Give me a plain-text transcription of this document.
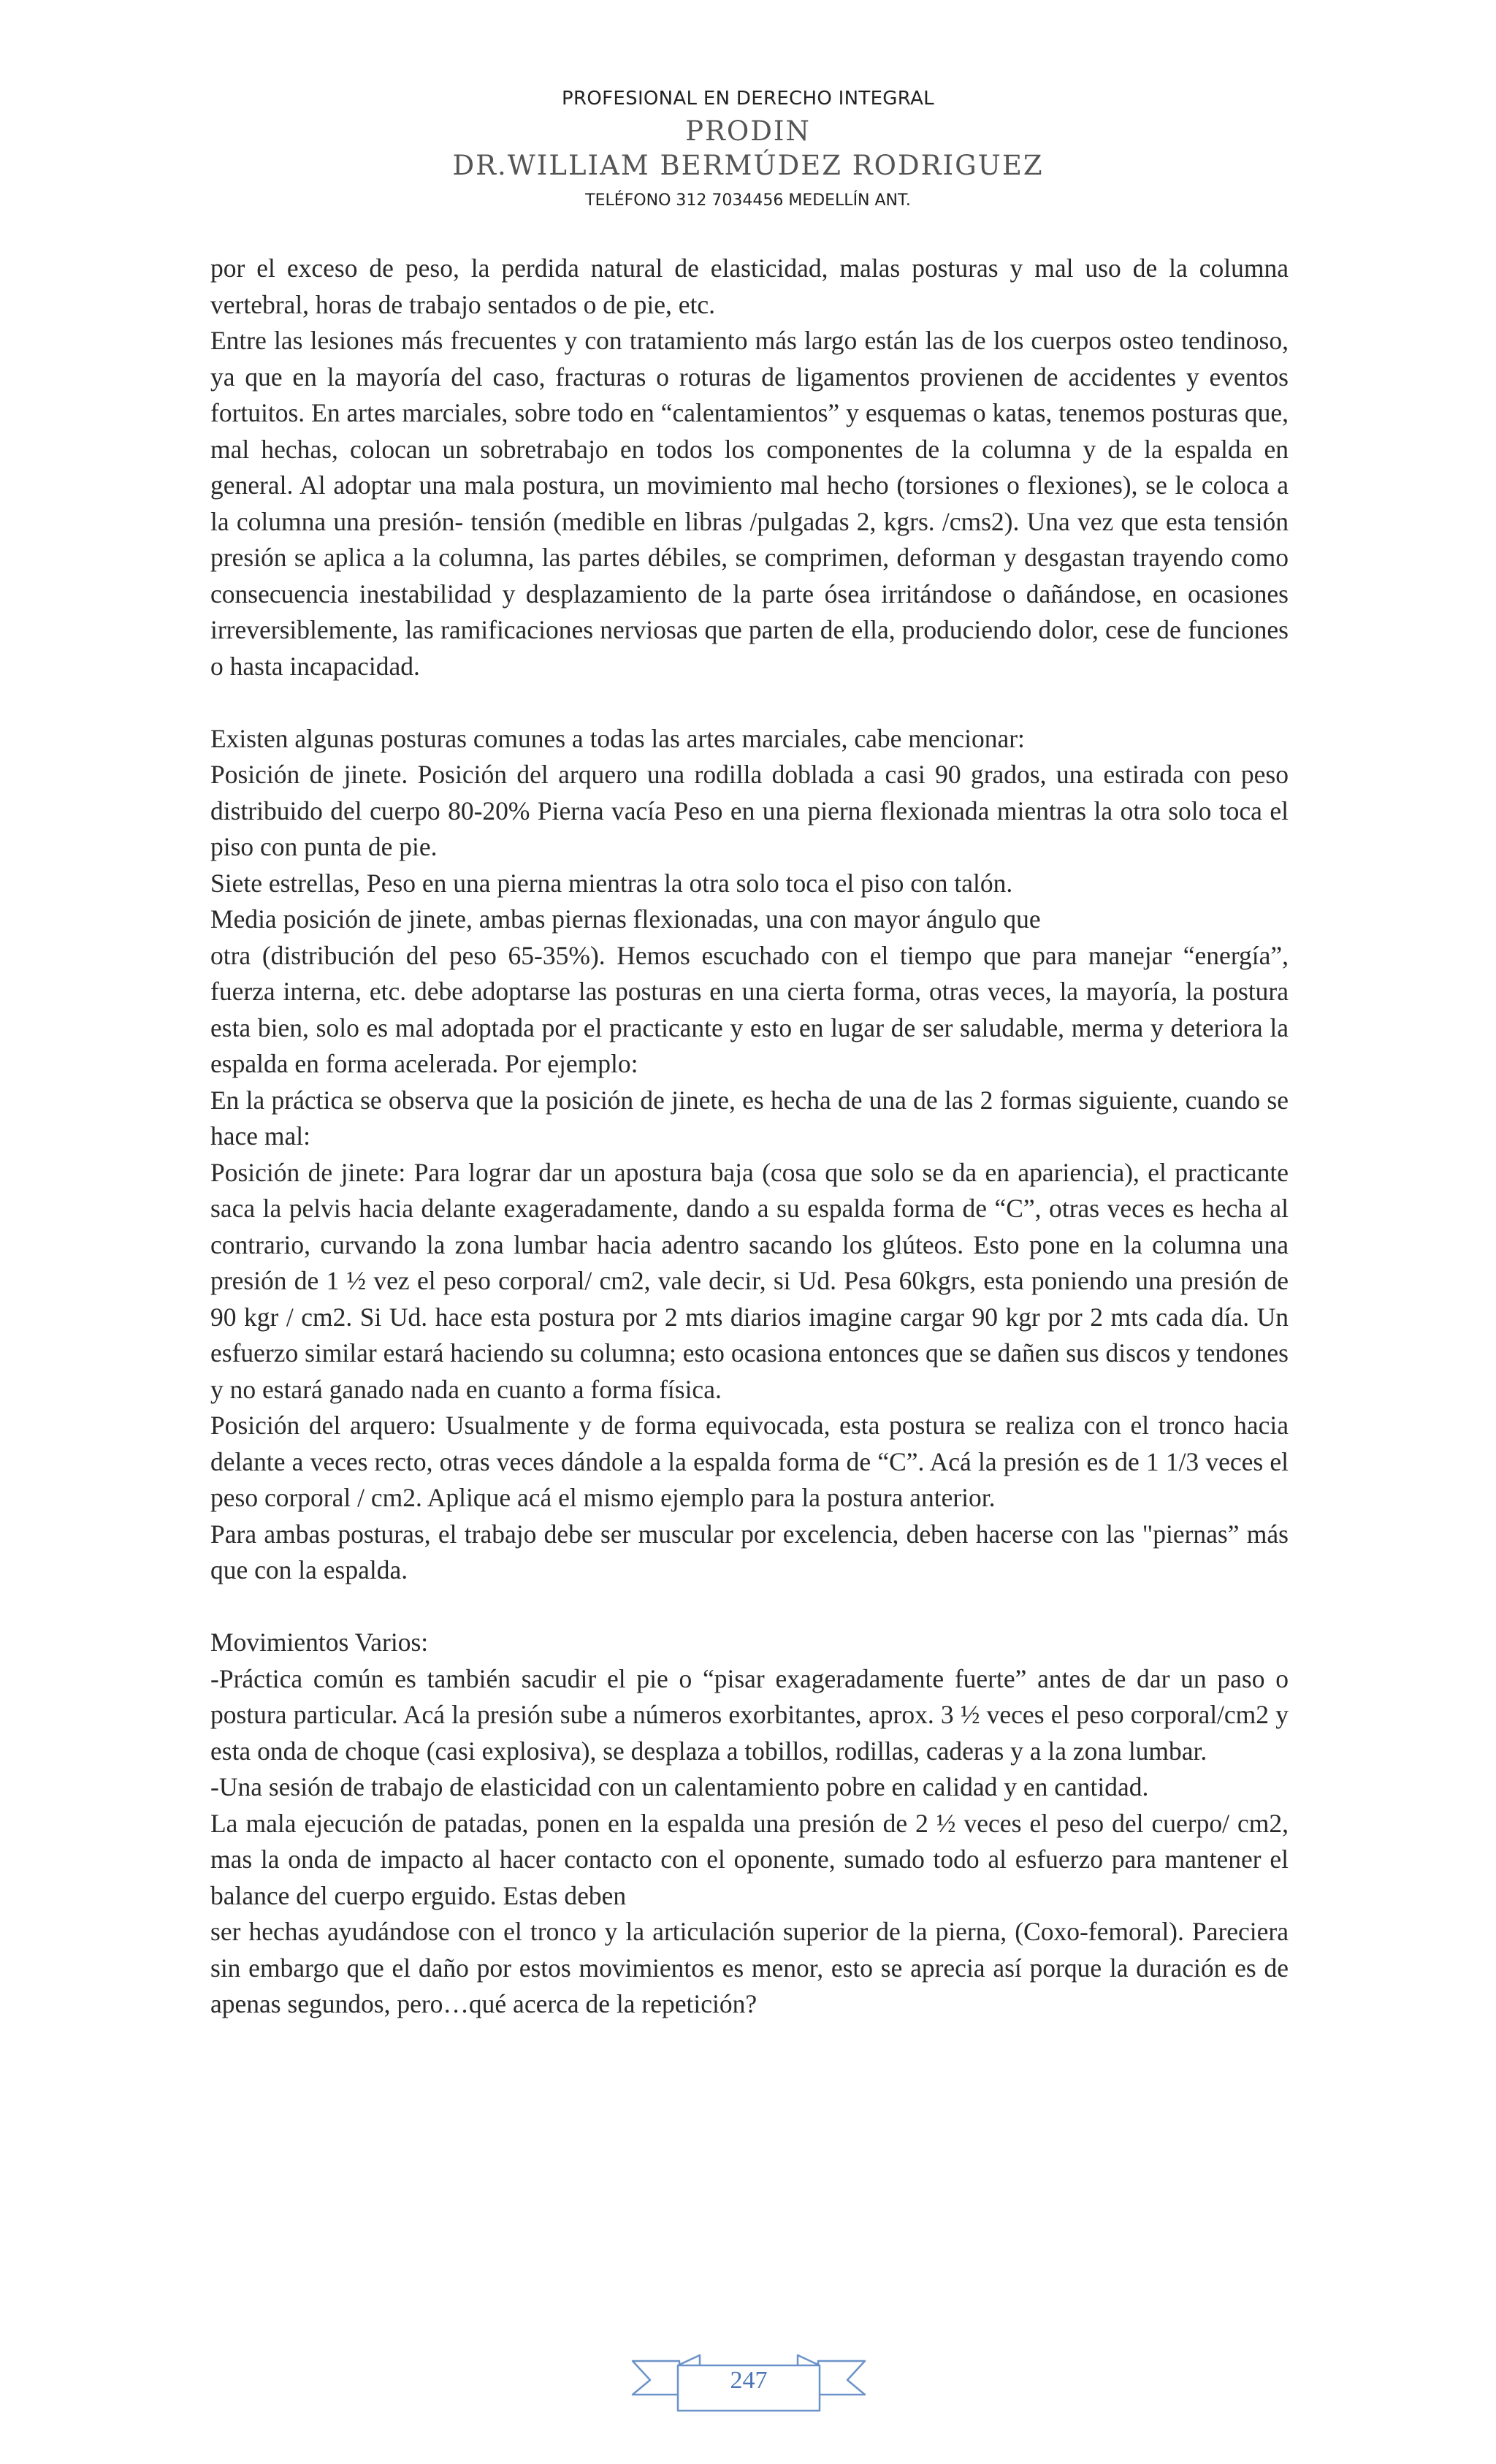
PROFESIONAL EN DERECHO INTEGRAL
PRODIN
DR.WILLIAM BERMÚDEZ RODRIGUEZ
TELÉFONO 312 7034456 MEDELLÍN ANT.

por el exceso de peso, la perdida natural de elasticidad, malas posturas y mal uso de la columna vertebral, horas de trabajo sentados o de pie, etc.

Entre las lesiones más frecuentes y con tratamiento más largo están las de los cuerpos osteo tendinoso, ya que en la mayoría del caso, fracturas o roturas de ligamentos provienen de accidentes y eventos fortuitos. En artes marciales, sobre todo en “calentamientos” y esquemas o katas, tenemos posturas que, mal hechas, colocan un sobretrabajo en todos los componentes de la columna y de la espalda en general. Al adoptar una mala postura, un movimiento mal hecho (torsiones o flexiones), se le coloca a la columna una presión- tensión (medible en libras /pulgadas 2, kgrs. /cms2). Una vez que esta tensión presión se aplica a la columna, las partes débiles, se comprimen, deforman y desgastan trayendo como consecuencia inestabilidad y desplazamiento de la parte ósea irritándose o dañándose, en ocasiones irreversiblemente, las ramificaciones nerviosas que parten de ella, produciendo dolor, cese de funciones o hasta incapacidad.

Existen algunas posturas comunes a todas las artes marciales, cabe mencionar:

Posición de jinete. Posición del arquero una rodilla doblada a casi 90 grados, una estirada con peso distribuido del cuerpo 80-20% Pierna vacía Peso en una pierna flexionada mientras la otra solo toca el piso con punta de pie.

Siete estrellas, Peso en una pierna mientras la otra solo toca el piso con talón.

Media posición de jinete, ambas piernas flexionadas, una con mayor ángulo que

otra (distribución del peso 65-35%). Hemos escuchado con el tiempo que para manejar “energía”, fuerza interna, etc. debe adoptarse las posturas en una cierta forma, otras veces, la mayoría, la postura esta bien, solo es mal adoptada por el practicante y esto en lugar de ser saludable, merma y deteriora la espalda en forma acelerada. Por ejemplo:

En la práctica se observa que la posición de jinete, es hecha de una de las 2 formas siguiente, cuando se hace mal:

Posición de jinete: Para lograr dar un apostura baja (cosa que solo se da en apariencia), el practicante saca la pelvis hacia delante exageradamente, dando a su espalda forma de “C”, otras veces es hecha al contrario, curvando la zona lumbar hacia adentro sacando los glúteos. Esto pone en la columna una presión de 1 ½ vez el peso corporal/ cm2, vale decir, si Ud. Pesa 60kgrs, esta poniendo una presión de 90 kgr / cm2. Si Ud. hace esta postura por 2 mts diarios imagine cargar 90 kgr por 2 mts cada día. Un esfuerzo similar estará haciendo su columna; esto ocasiona entonces que se dañen sus discos y tendones y no estará ganado nada en cuanto a forma física.

Posición del arquero: Usualmente y de forma equivocada, esta postura se realiza con el tronco hacia delante a veces recto, otras veces dándole a la espalda forma de “C”. Acá la presión es de 1 1/3 veces el peso corporal / cm2. Aplique acá el mismo ejemplo para la postura anterior.

Para ambas posturas, el trabajo debe ser muscular por excelencia, deben hacerse con las "piernas” más que con la espalda.

Movimientos Varios:

-Práctica común es también sacudir el pie o “pisar exageradamente fuerte” antes de dar un paso o postura particular. Acá la presión sube a números exorbitantes, aprox. 3 ½ veces el peso corporal/cm2 y esta onda de choque (casi explosiva), se desplaza a tobillos, rodillas, caderas y a la zona lumbar.

-Una sesión de trabajo de elasticidad con un calentamiento pobre en calidad y en cantidad.

La mala ejecución de patadas, ponen en la espalda una presión de 2 ½ veces el peso del cuerpo/ cm2, mas la onda de impacto al hacer contacto con el oponente, sumado todo al esfuerzo para mantener el balance del cuerpo erguido. Estas deben

ser hechas ayudándose con el tronco y la articulación superior de la pierna, (Coxo-femoral). Pareciera sin embargo que el daño por estos movimientos es menor, esto se aprecia así porque la duración es de apenas segundos, pero…qué acerca de la repetición?

247
